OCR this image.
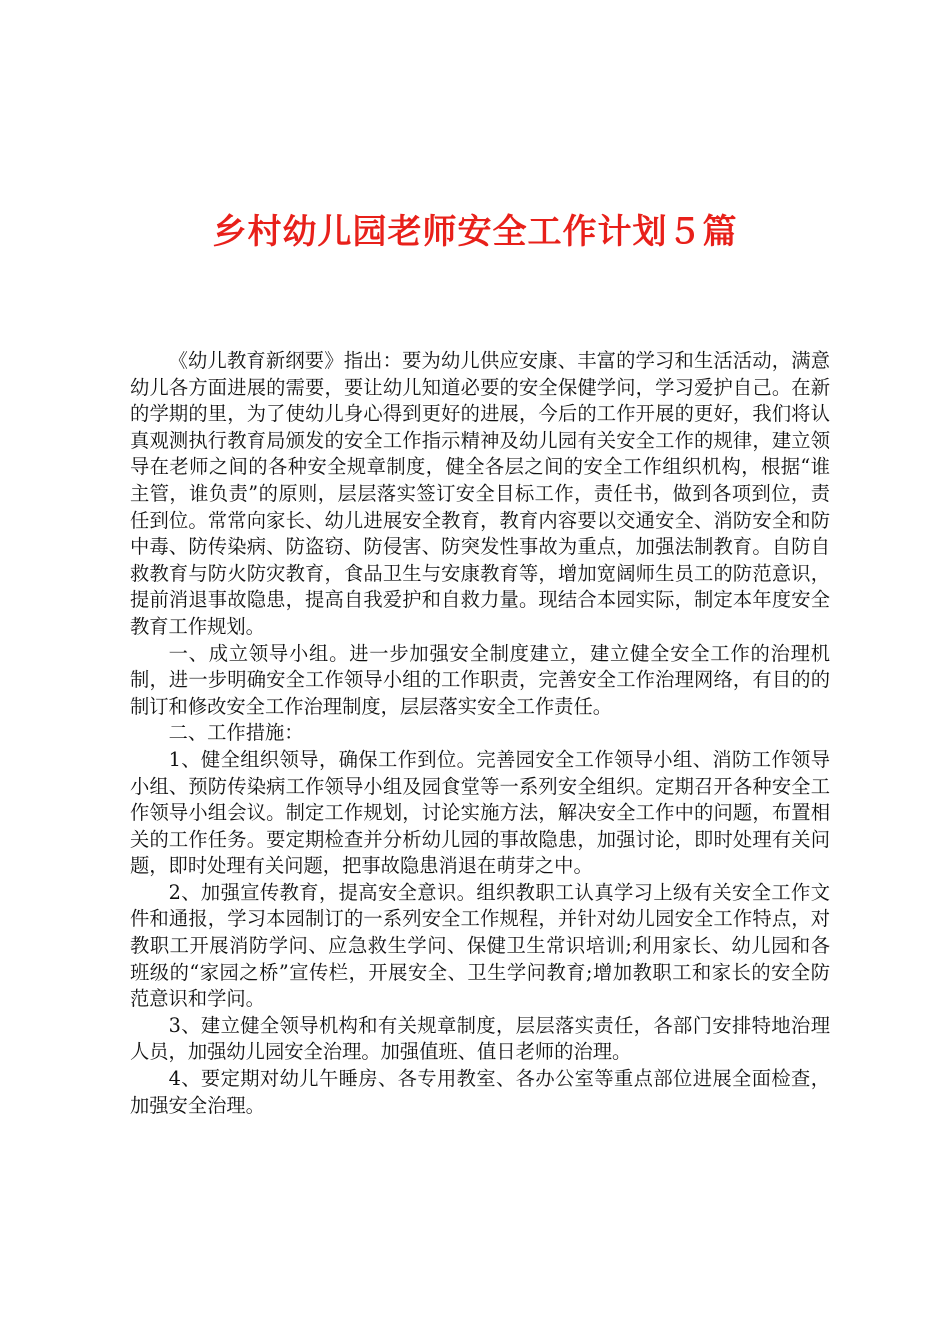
乡村幼儿园老师安全工作计划５篇

《幼儿教育新纲要》指出：要为幼儿供应安康、丰富的学习和生活活动，满意幼儿各方面进展的需要，要让幼儿知道必要的安全保健学问，学习爱护自己。在新的学期的里，为了使幼儿身心得到更好的进展，今后的工作开展的更好，我们将认真观测执行教育局颁发的安全工作指示精神及幼儿园有关安全工作的规律，建立领导在老师之间的各种安全规章制度，健全各层之间的安全工作组织机构，根据“谁主管，谁负责”的原则，层层落实签订安全目标工作，责任书，做到各项到位，责任到位。常常向家长、幼儿进展安全教育，教育内容要以交通安全、消防安全和防中毒、防传染病、防盗窃、防侵害、防突发性事故为重点，加强法制教育。自防自救教育与防火防灾教育，食品卫生与安康教育等，增加宽阔师生员工的防范意识，提前消退事故隐患，提高自我爱护和自救力量。现结合本园实际，制定本年度安全教育工作规划。

一、成立领导小组。进一步加强安全制度建立，建立健全安全工作的治理机制，进一步明确安全工作领导小组的工作职责，完善安全工作治理网络，有目的的制订和修改安全工作治理制度，层层落实安全工作责任。

二、工作措施：

1、健全组织领导，确保工作到位。完善园安全工作领导小组、消防工作领导小组、预防传染病工作领导小组及园食堂等一系列安全组织。定期召开各种安全工作领导小组会议。制定工作规划，讨论实施方法，解决安全工作中的问题，布置相关的工作任务。要定期检查并分析幼儿园的事故隐患，加强讨论，即时处理有关问题，即时处理有关问题，把事故隐患消退在萌芽之中。

2、加强宣传教育，提高安全意识。组织教职工认真学习上级有关安全工作文件和通报，学习本园制订的一系列安全工作规程，并针对幼儿园安全工作特点，对教职工开展消防学问、应急救生学问、保健卫生常识培训;利用家长、幼儿园和各班级的“家园之桥”宣传栏，开展安全、卫生学问教育;增加教职工和家长的安全防范意识和学问。

3、建立健全领导机构和有关规章制度，层层落实责任，各部门安排特地治理人员，加强幼儿园安全治理。加强值班、值日老师的治理。

4、要定期对幼儿午睡房、各专用教室、各办公室等重点部位进展全面检查，加强安全治理。
